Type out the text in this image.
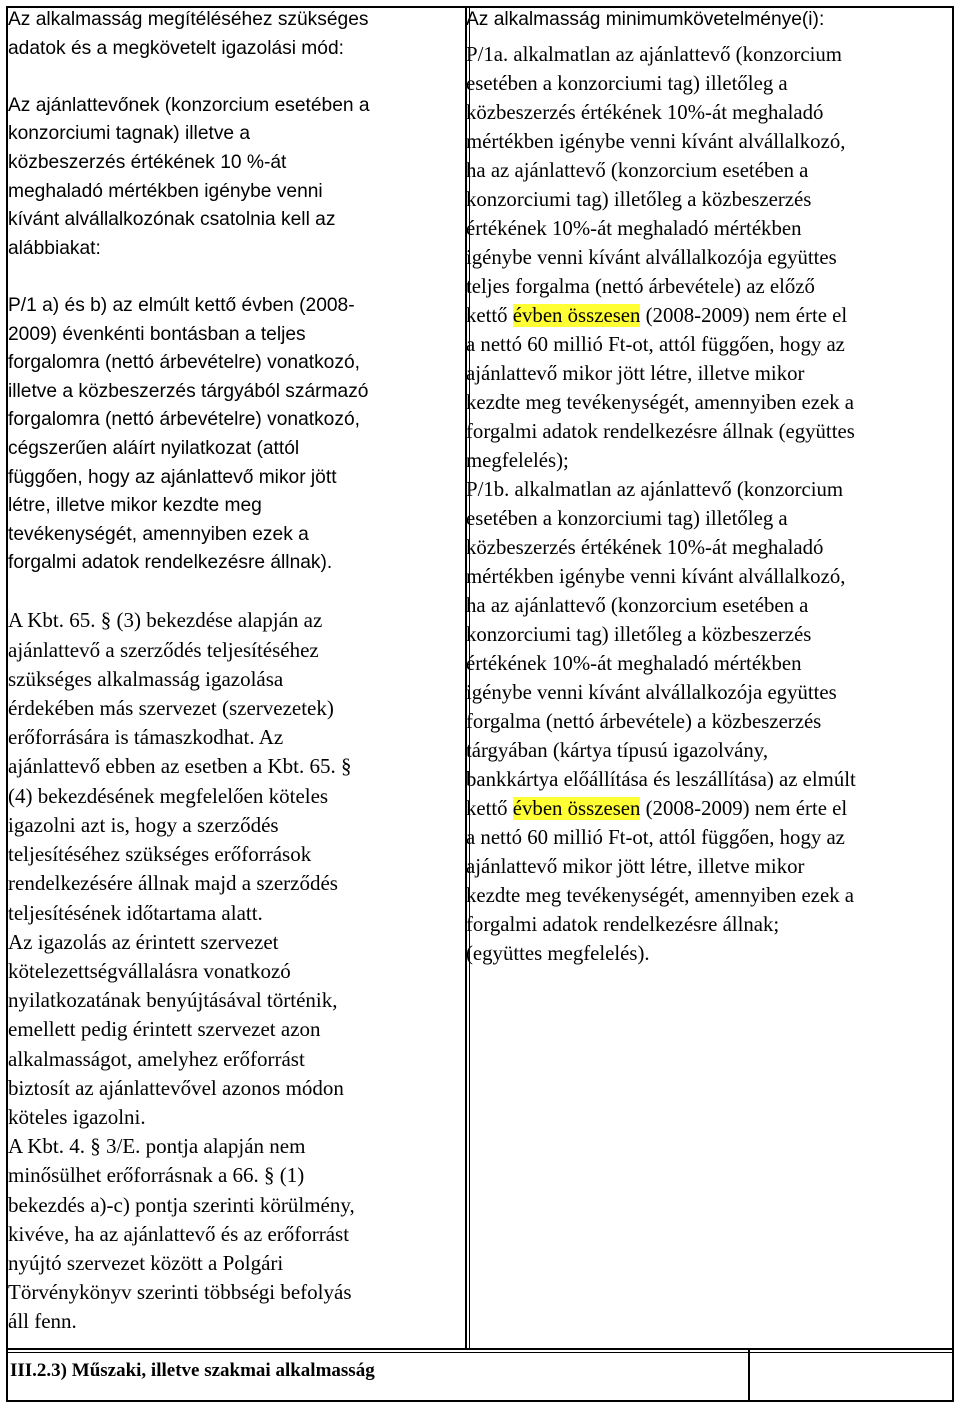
Az alkalmasság megítéléséhez szükséges

adatok és a megkövetelt igazolási mód:

Az ajánlattevőnek (konzorcium esetében a

konzorciumi tagnak) illetve a

közbeszerzés értékének 10 %-át

meghaladó mértékben igénybe venni

kívánt alvállalkozónak csatolnia kell az

alábbiakat:

P/1 a) és b) az elmúlt kettő évben (2008-

2009) évenkénti bontásban a teljes

forgalomra (nettó árbevételre) vonatkozó,

illetve a közbeszerzés tárgyából származó

forgalomra (nettó árbevételre) vonatkozó,

cégszerűen aláírt nyilatkozat (attól

függően, hogy az ajánlattevő mikor jött

létre, illetve mikor kezdte meg

tevékenységét, amennyiben ezek a

forgalmi adatok rendelkezésre állnak).

A Kbt. 65. § (3) bekezdése alapján az

ajánlattevő a szerződés teljesítéséhez

szükséges alkalmasság igazolása

érdekében más szervezet (szervezetek)

erőforrására is támaszkodhat. Az

ajánlattevő ebben az esetben a Kbt. 65. §

(4) bekezdésének megfelelően köteles

igazolni azt is, hogy a szerződés

teljesítéséhez szükséges erőforrások

rendelkezésére állnak majd a szerződés

teljesítésének időtartama alatt.

Az igazolás az érintett szervezet

kötelezettségvállalásra vonatkozó

nyilatkozatának benyújtásával történik,

emellett pedig érintett szervezet azon

alkalmasságot, amelyhez erőforrást

biztosít az ajánlattevővel azonos módon

köteles igazolni.

A Kbt. 4. § 3/E. pontja alapján nem

minősülhet erőforrásnak a 66. § (1)

bekezdés a)-c) pontja szerinti körülmény,

kivéve, ha az ajánlattevő és az erőforrást

nyújtó szervezet között a Polgári

Törvénykönyv szerinti többségi befolyás

áll fenn.

Az alkalmasság minimumkövetelménye(i):

P/1a. alkalmatlan az ajánlattevő (konzorcium

esetében a konzorciumi tag) illetőleg a

közbeszerzés értékének 10%-át meghaladó

mértékben igénybe venni kívánt alvállalkozó,

ha az ajánlattevő (konzorcium esetében a

konzorciumi tag) illetőleg a közbeszerzés

értékének 10%-át meghaladó mértékben

igénybe venni kívánt alvállalkozója együttes

teljes forgalma (nettó árbevétele) az előző

kettő évben összesen (2008-2009) nem érte el

a nettó 60 millió Ft-ot, attól függően, hogy az

ajánlattevő mikor jött létre, illetve mikor

kezdte meg tevékenységét, amennyiben ezek a

forgalmi adatok rendelkezésre állnak (együttes

megfelelés);

P/1b. alkalmatlan az ajánlattevő (konzorcium

esetében a konzorciumi tag) illetőleg a

közbeszerzés értékének 10%-át meghaladó

mértékben igénybe venni kívánt alvállalkozó,

ha az ajánlattevő (konzorcium esetében a

konzorciumi tag) illetőleg a közbeszerzés

értékének 10%-át meghaladó mértékben

igénybe venni kívánt alvállalkozója együttes

forgalma (nettó árbevétele) a közbeszerzés

tárgyában (kártya típusú igazolvány,

bankkártya előállítása és leszállítása) az elmúlt

kettő évben összesen (2008-2009) nem érte el

a nettó 60 millió Ft-ot, attól függően, hogy az

ajánlattevő mikor jött létre, illetve mikor

kezdte meg tevékenységét, amennyiben ezek a

forgalmi adatok rendelkezésre állnak;

(együttes megfelelés).

III.2.3) Műszaki, illetve szakmai alkalmasság
